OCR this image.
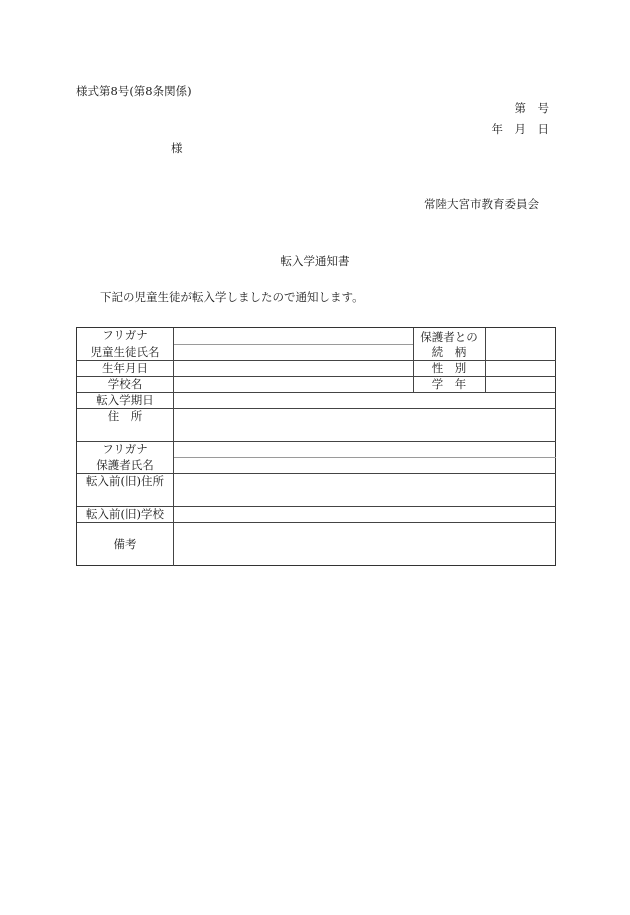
様式第8号(第8条関係)
第　号
年　月　日
様
常陸大宮市教育委員会
転入学通知書
下記の児童生徒が転入学しましたので通知します。
フリガナ
児童生徒氏名
保護者との
続　柄
生年月日	性　別
学校名	学　年
転入学期日
住　所
フリガナ
保護者氏名
転入前(旧)住所
転入前(旧)学校
備考
